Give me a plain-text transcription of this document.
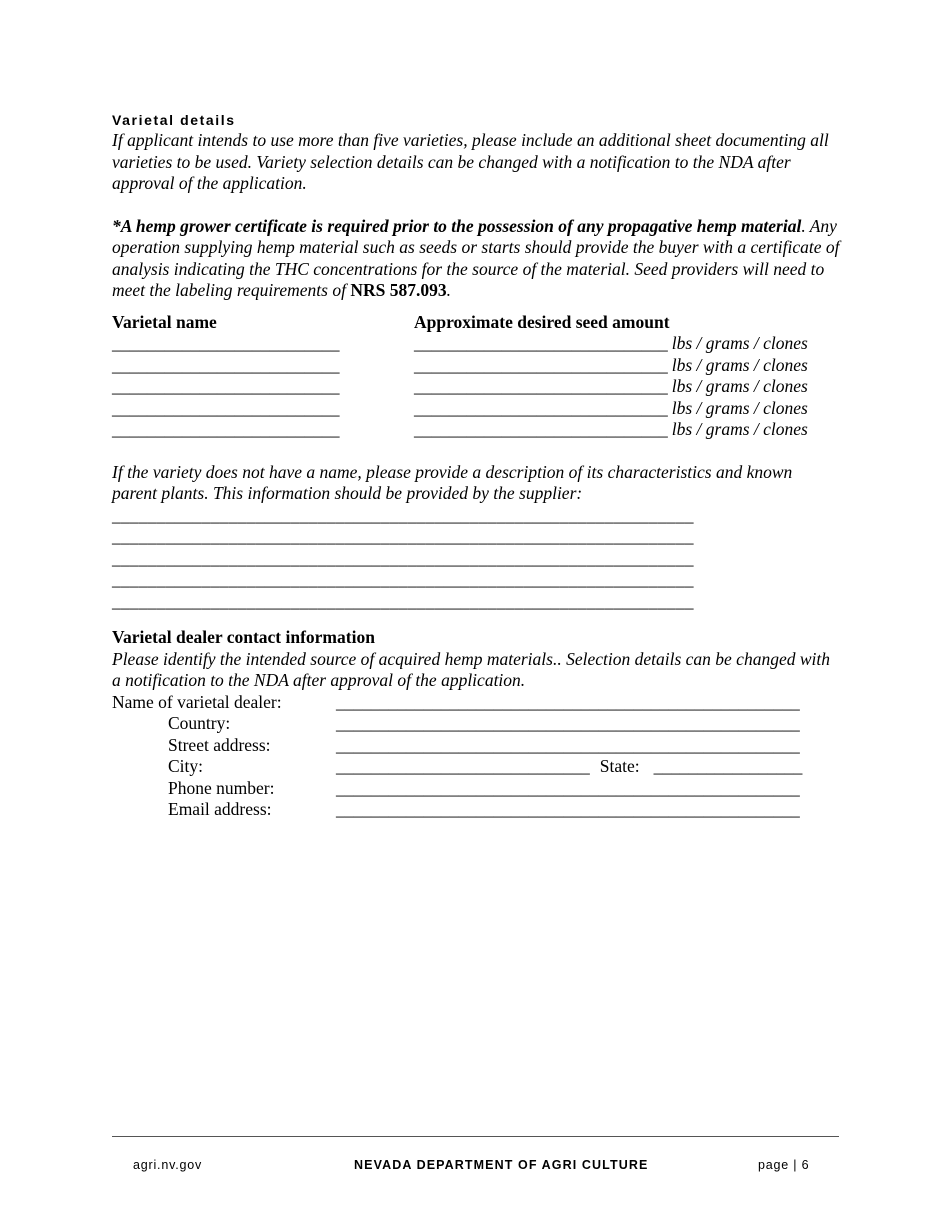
Varietal details

If applicant intends to use more than five varieties, please include an additional sheet documenting all varieties to be used. Variety selection details can be changed with a notification to the NDA after approval of the application.

*A hemp grower certificate is required prior to the possession of any propagative hemp material. Any operation supplying hemp material such as seeds or starts should provide the buyer with a certificate of analysis indicating the THC concentrations for the source of the material. Seed providers will need to meet the labeling requirements of NRS 587.093.

Varietal name	Approximate desired seed amount
__________________________	_____________________________ lbs / grams / clones
__________________________	_____________________________ lbs / grams / clones
__________________________	_____________________________ lbs / grams / clones
__________________________	_____________________________ lbs / grams / clones
__________________________	_____________________________ lbs / grams / clones

If the variety does not have a name, please provide a description of its characteristics and known parent plants. This information should be provided by the supplier:

_________________________________________________________________
_________________________________________________________________
_________________________________________________________________
_________________________________________________________________
_________________________________________________________________
Varietal dealer contact information

Please identify the intended source of acquired hemp materials.. Selection details can be changed with a notification to the NDA after approval of the application.

Name of varietal dealer:	_____________________________________________________
Country:	_____________________________________________________
Street address:	_____________________________________________________
City:	_____________________________ State: _________________
Phone number:	_____________________________________________________
Email address:	_____________________________________________________
agri.nv.gov	NEVADA DEPARTMENT OF AGRI CULTURE	page | 6
